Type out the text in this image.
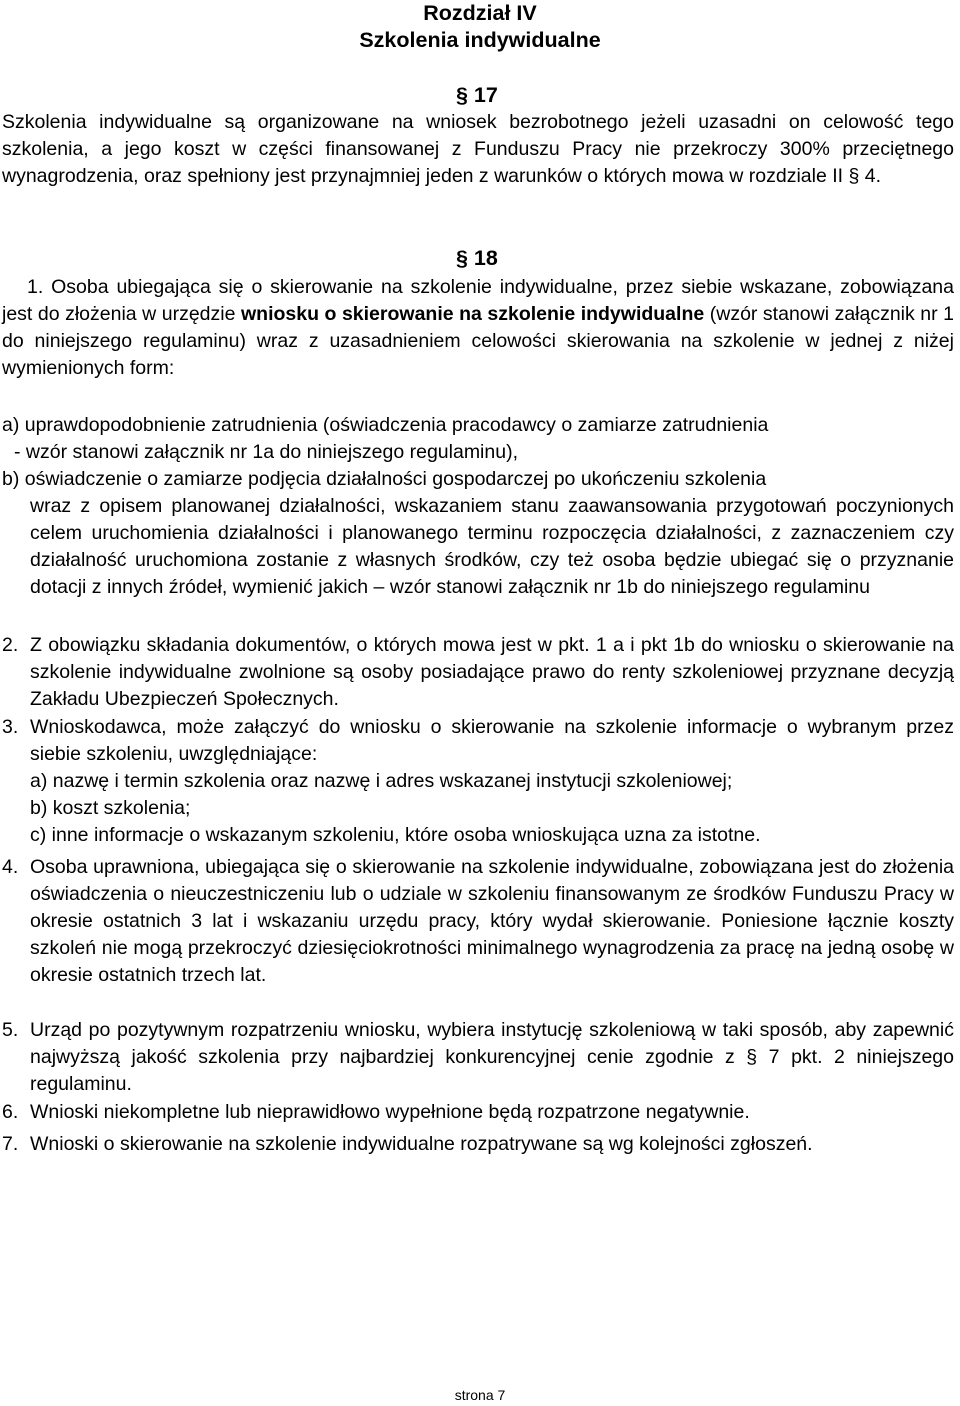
Rozdział IV
Szkolenia indywidualne
§ 17
Szkolenia indywidualne są organizowane na wniosek bezrobotnego jeżeli uzasadni on celowość tego szkolenia, a jego koszt w części finansowanej z Funduszu Pracy nie przekroczy 300% przeciętnego wynagrodzenia, oraz spełniony jest przynajmniej jeden z warunków o których mowa w rozdziale II § 4.
§ 18
1. Osoba ubiegająca się o skierowanie na szkolenie indywidualne, przez siebie wskazane, zobowiązana jest do złożenia w urzędzie wniosku o skierowanie na szkolenie indywidualne (wzór stanowi załącznik nr 1 do niniejszego regulaminu) wraz z uzasadnieniem celowości skierowania na szkolenie w jednej z niżej wymienionych form:
a) uprawdopodobnienie zatrudnienia (oświadczenia pracodawcy o zamiarze zatrudnienia
- wzór stanowi załącznik nr 1a do niniejszego regulaminu),
b) oświadczenie o zamiarze podjęcia działalności gospodarczej po ukończeniu szkolenia
wraz z opisem planowanej działalności, wskazaniem stanu zaawansowania przygotowań poczynionych celem uruchomienia działalności i planowanego terminu rozpoczęcia działalności, z zaznaczeniem czy działalność uruchomiona zostanie z własnych środków, czy też osoba będzie ubiegać się o przyznanie dotacji z innych źródeł, wymienić jakich – wzór stanowi załącznik nr 1b do niniejszego regulaminu
2. Z obowiązku składania dokumentów, o których mowa jest w pkt. 1 a i pkt 1b do wniosku o skierowanie na szkolenie indywidualne zwolnione są osoby posiadające prawo do renty szkoleniowej przyznane decyzją Zakładu Ubezpieczeń Społecznych.
3. Wnioskodawca, może załączyć do wniosku o skierowanie na szkolenie informacje o wybranym przez siebie szkoleniu, uwzględniające:
a) nazwę i termin szkolenia oraz nazwę i adres wskazanej instytucji szkoleniowej;
b) koszt szkolenia;
c) inne informacje o wskazanym szkoleniu, które osoba wnioskująca uzna za istotne.
4. Osoba uprawniona, ubiegająca się o skierowanie na szkolenie indywidualne, zobowiązana jest do złożenia oświadczenia o nieuczestniczeniu lub o udziale w szkoleniu finansowanym ze środków Funduszu Pracy w okresie ostatnich 3 lat i wskazaniu urzędu pracy, który wydał skierowanie. Poniesione łącznie koszty szkoleń nie mogą przekroczyć dziesięciokrotności minimalnego wynagrodzenia za pracę na jedną osobę w okresie ostatnich trzech lat.
5. Urząd po pozytywnym rozpatrzeniu wniosku, wybiera instytucję szkoleniową w taki sposób, aby zapewnić najwyższą jakość szkolenia przy najbardziej konkurencyjnej cenie zgodnie z § 7 pkt. 2 niniejszego regulaminu.
6. Wnioski niekompletne lub nieprawidłowo wypełnione będą rozpatrzone negatywnie.
7. Wnioski o skierowanie na szkolenie indywidualne rozpatrywane są wg kolejności zgłoszeń.
strona 7
